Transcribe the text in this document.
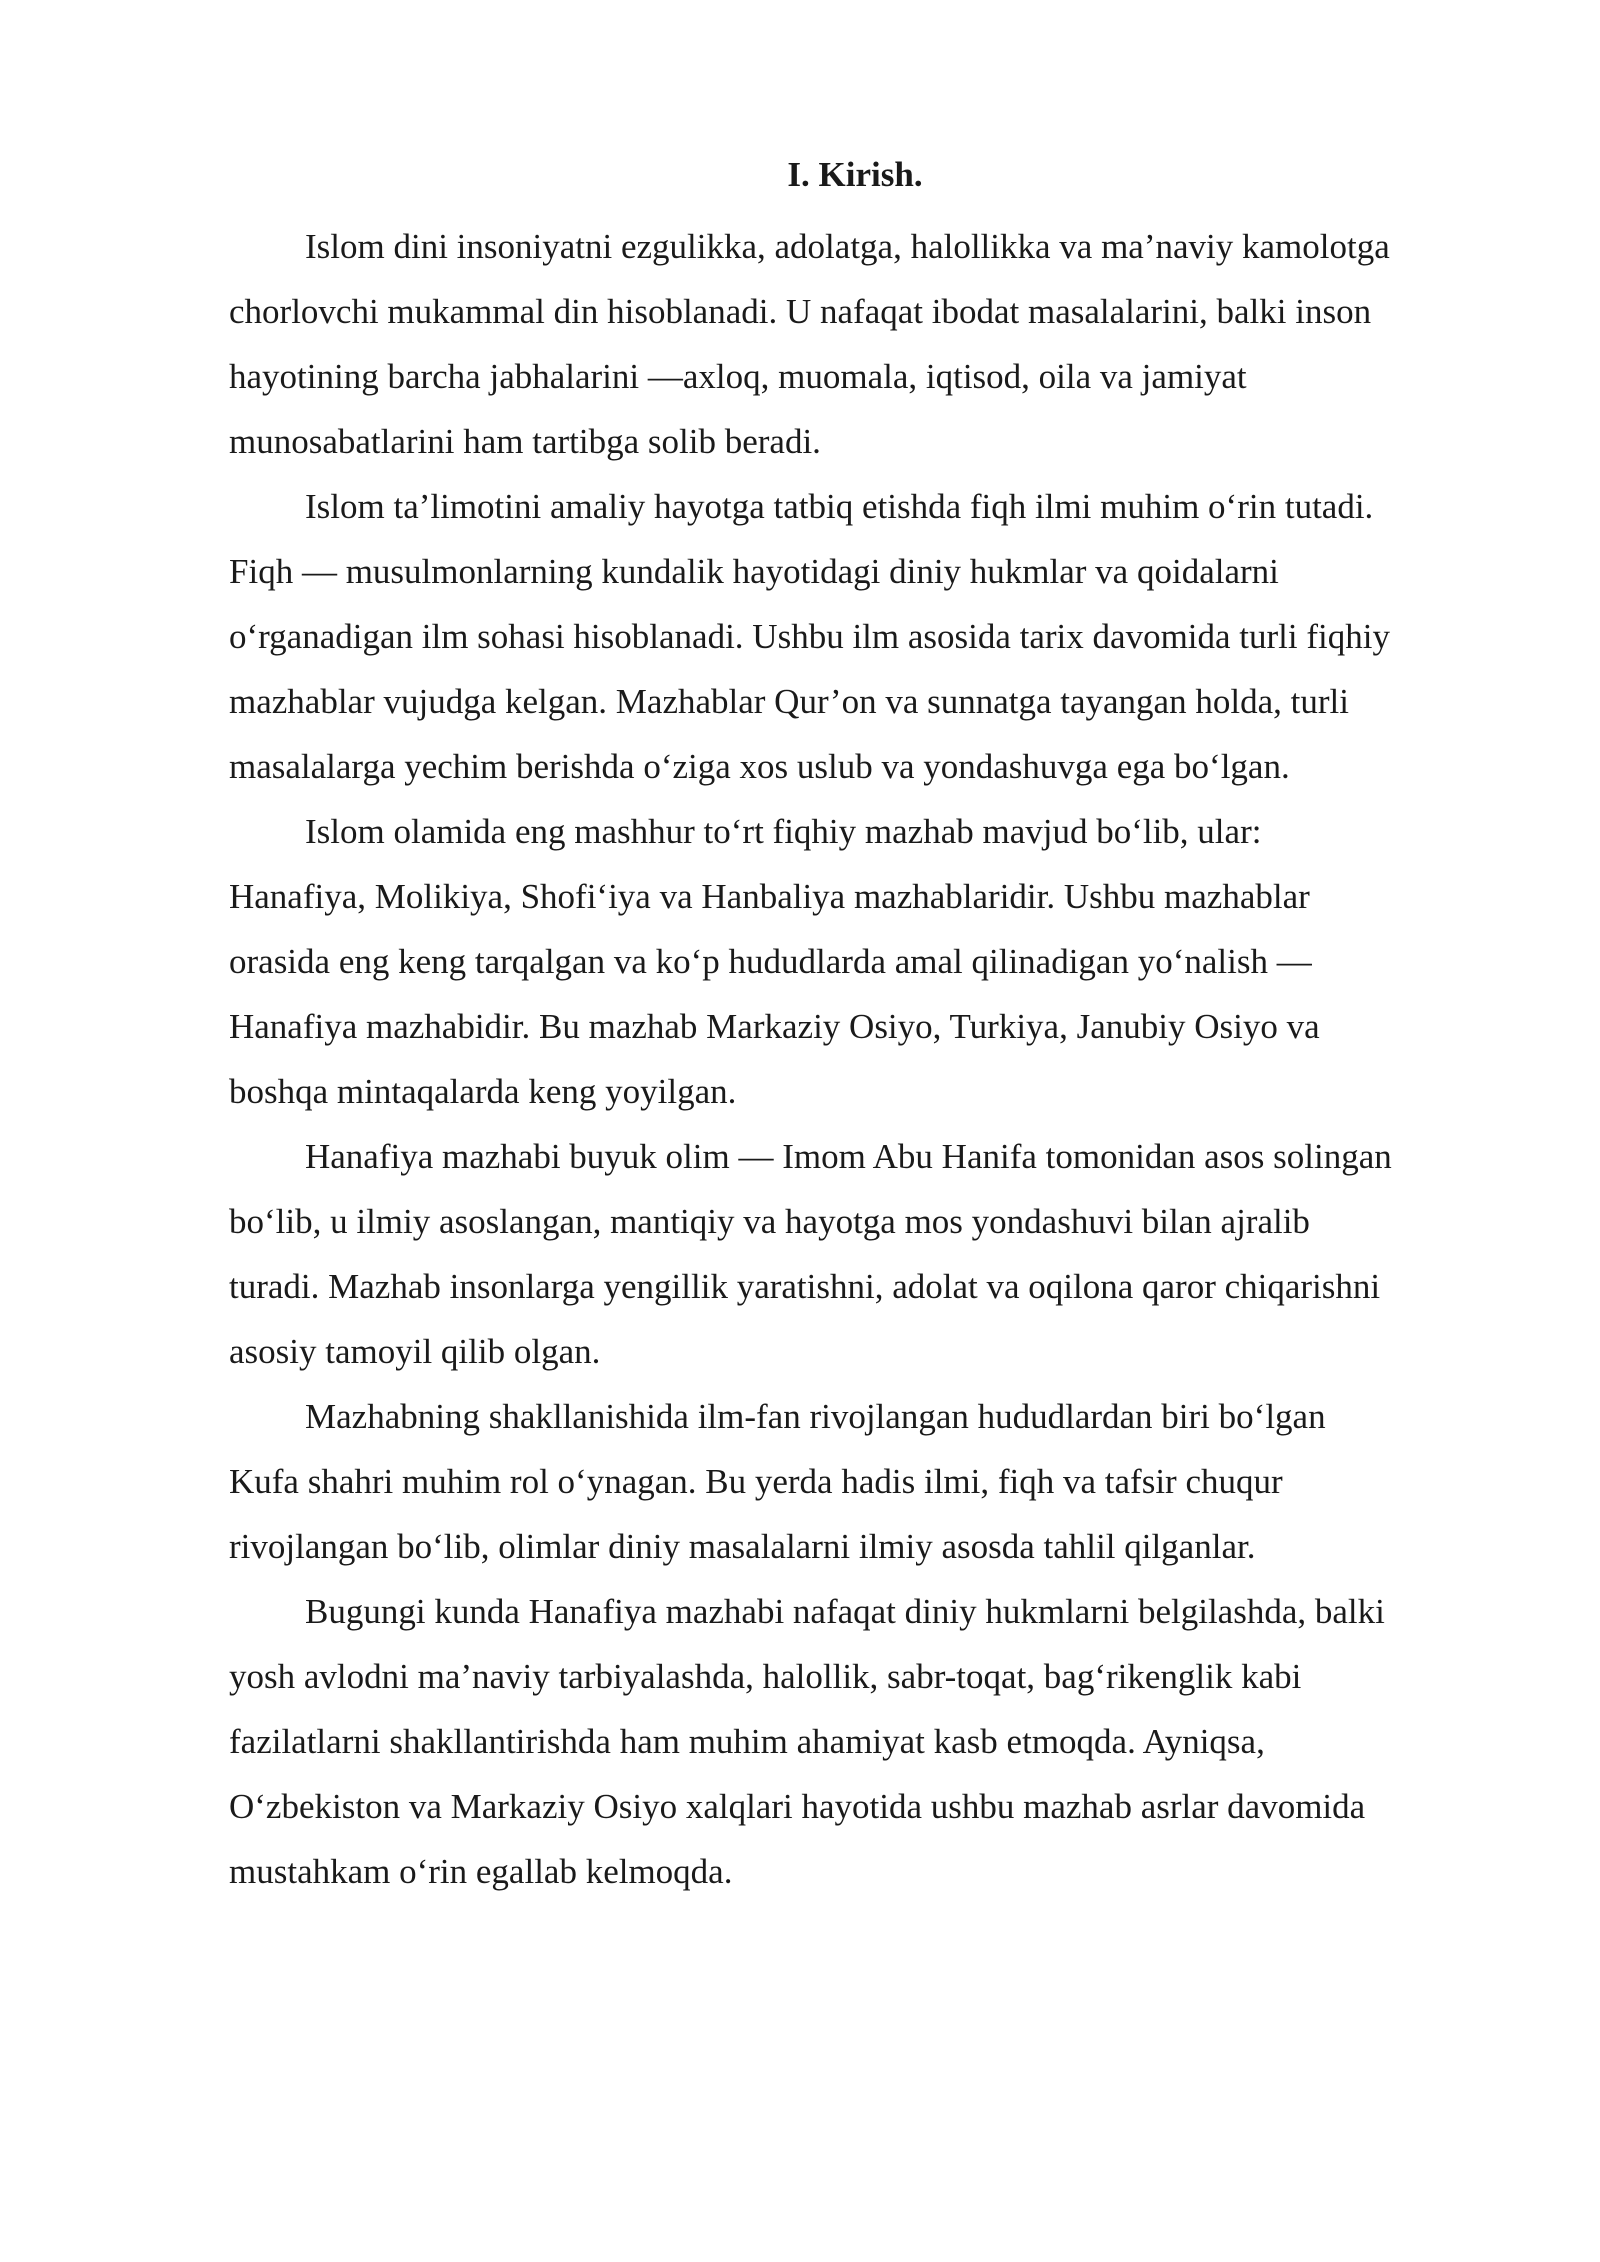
I. Kirish.
Islom dini insoniyatni ezgulikka, adolatga, halollikka va ma’naviy kamolotga
chorlovchi mukammal din hisoblanadi. U nafaqat ibodat masalalarini, balki inson
hayotining barcha jabhalarini —axloq, muomala, iqtisod, oila va jamiyat
munosabatlarini ham tartibga solib beradi.
Islom ta’limotini amaliy hayotga tatbiq etishda fiqh ilmi muhim oʻrin tutadi.
Fiqh — musulmonlarning kundalik hayotidagi diniy hukmlar va qoidalarni
oʻrganadigan ilm sohasi hisoblanadi. Ushbu ilm asosida tarix davomida turli fiqhiy
mazhablar vujudga kelgan. Mazhablar Qur’on va sunnatga tayangan holda, turli
masalalarga yechim berishda oʻziga xos uslub va yondashuvga ega boʻlgan.
Islom olamida eng mashhur toʻrt fiqhiy mazhab mavjud boʻlib, ular:
Hanafiya, Molikiya, Shofiʻiya va Hanbaliya mazhablaridir. Ushbu mazhablar
orasida eng keng tarqalgan va koʻp hududlarda amal qilinadigan yoʻnalish —
Hanafiya mazhabidir. Bu mazhab Markaziy Osiyo, Turkiya, Janubiy Osiyo va
boshqa mintaqalarda keng yoyilgan.
Hanafiya mazhabi buyuk olim — Imom Abu Hanifa tomonidan asos solingan
boʻlib, u ilmiy asoslangan, mantiqiy va hayotga mos yondashuvi bilan ajralib
turadi. Mazhab insonlarga yengillik yaratishni, adolat va oqilona qaror chiqarishni
asosiy tamoyil qilib olgan.
Mazhabning shakllanishida ilm-fan rivojlangan hududlardan biri boʻlgan
Kufa shahri muhim rol oʻynagan. Bu yerda hadis ilmi, fiqh va tafsir chuqur
rivojlangan boʻlib, olimlar diniy masalalarni ilmiy asosda tahlil qilganlar.
Bugungi kunda Hanafiya mazhabi nafaqat diniy hukmlarni belgilashda, balki
yosh avlodni ma’naviy tarbiyalashda, halollik, sabr-toqat, bagʻrikenglik kabi
fazilatlarni shakllantirishda ham muhim ahamiyat kasb etmoqda. Ayniqsa,
Oʻzbekiston va Markaziy Osiyo xalqlari hayotida ushbu mazhab asrlar davomida
mustahkam oʻrin egallab kelmoqda.
